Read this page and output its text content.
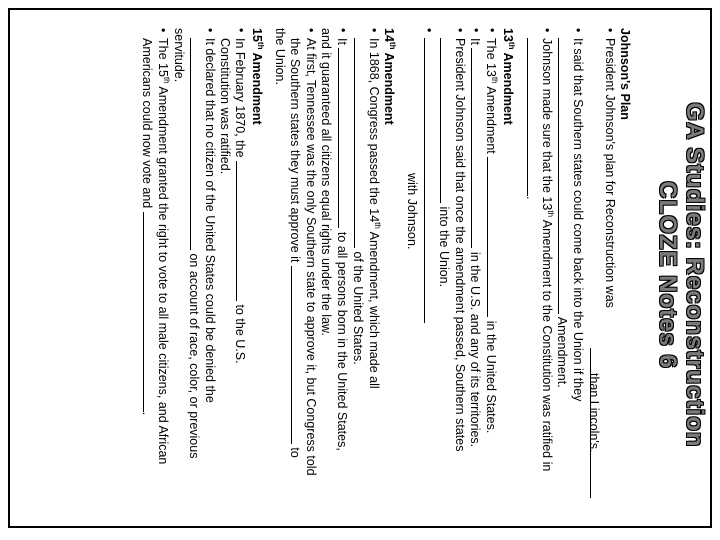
GA Studies: Reconstruction
CLOZE Notes 6
Johnson's Plan
• President Johnson's plan for Reconstruction was
than Lincoln's.
• It said that Southern states could come back into the Union if they
Amendment.
• Johnson made sure that the 13th Amendment to the Constitution was ratified in
.
13th Amendment
• The 13th Amendment  in the United States.
• It  in the U.S. and any of its territories.
• President Johnson said that once the amendment passed, Southern states
into the Union.
• with Johnson.
14th Amendment
• In 1868, Congress passed the 14th Amendment, which made all
of the United States.
• It  to all persons born in the United States,
and it guaranteed all citizens equal rights under the law.
• At first, Tennessee was the only Southern state to approve it, but Congress told
the Southern states they must approve it  to
the Union.
15th Amendment
• In February 1870, the  to the U.S.
Constitution was ratified.
• It declared that no citizen of the United States could be denied the
on account of race, color, or previous
servitude.
• The 15th Amendment granted the right to vote to all male citizens, and African
Americans could now vote and .
